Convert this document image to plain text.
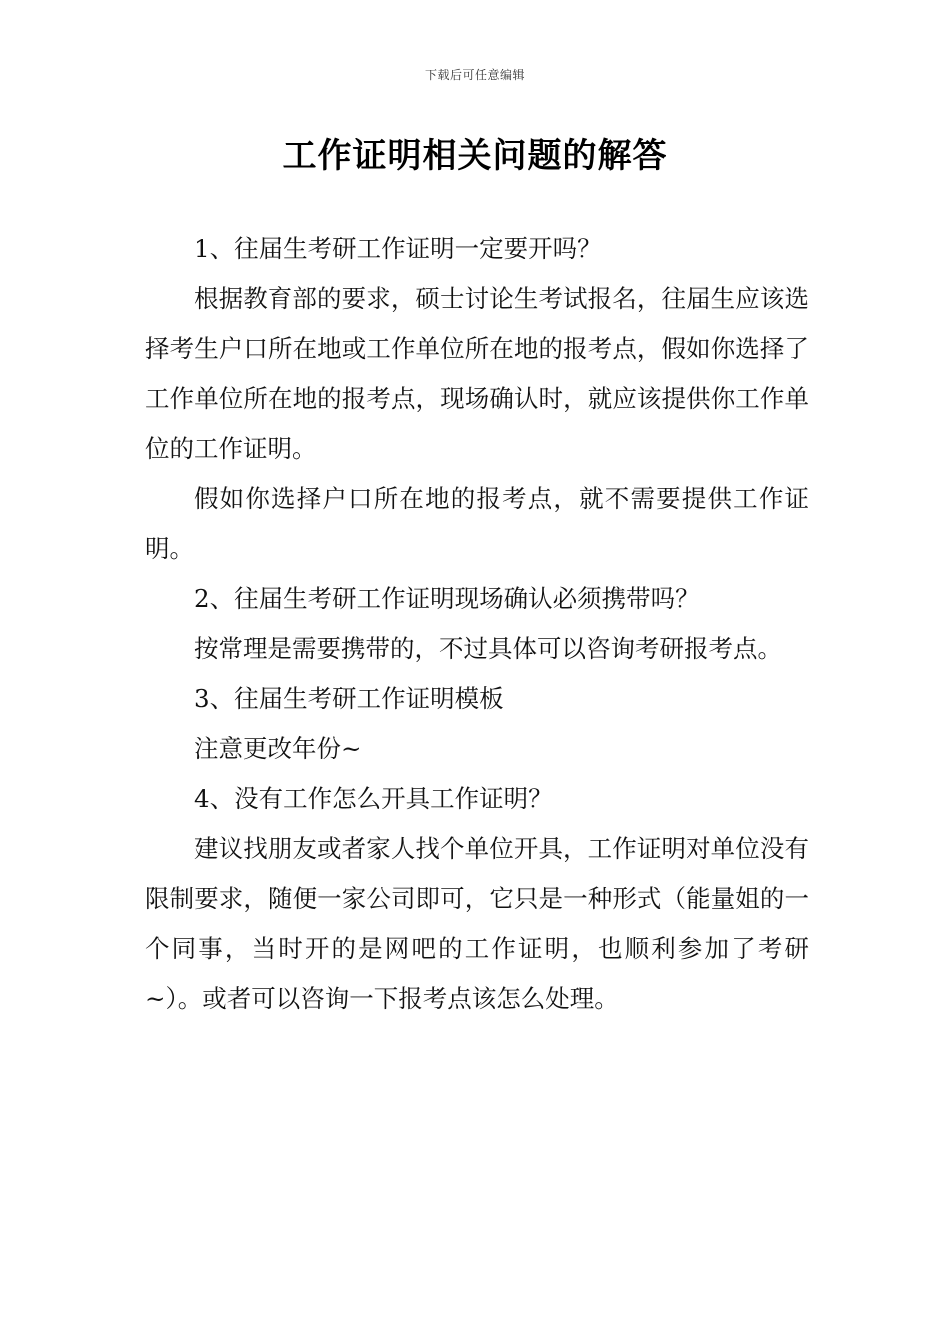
下载后可任意编辑
工作证明相关问题的解答

1、往届生考研工作证明一定要开吗？

根据教育部的要求，硕士讨论生考试报名，往届生应该选择考生户口所在地或工作单位所在地的报考点，假如你选择了工作单位所在地的报考点，现场确认时，就应该提供你工作单位的工作证明。

假如你选择户口所在地的报考点，就不需要提供工作证明。

2、往届生考研工作证明现场确认必须携带吗？

按常理是需要携带的，不过具体可以咨询考研报考点。

3、往届生考研工作证明模板

注意更改年份~

4、没有工作怎么开具工作证明？

建议找朋友或者家人找个单位开具，工作证明对单位没有限制要求，随便一家公司即可，它只是一种形式（能量姐的一个同事，当时开的是网吧的工作证明，也顺利参加了考研~）。或者可以咨询一下报考点该怎么处理。
